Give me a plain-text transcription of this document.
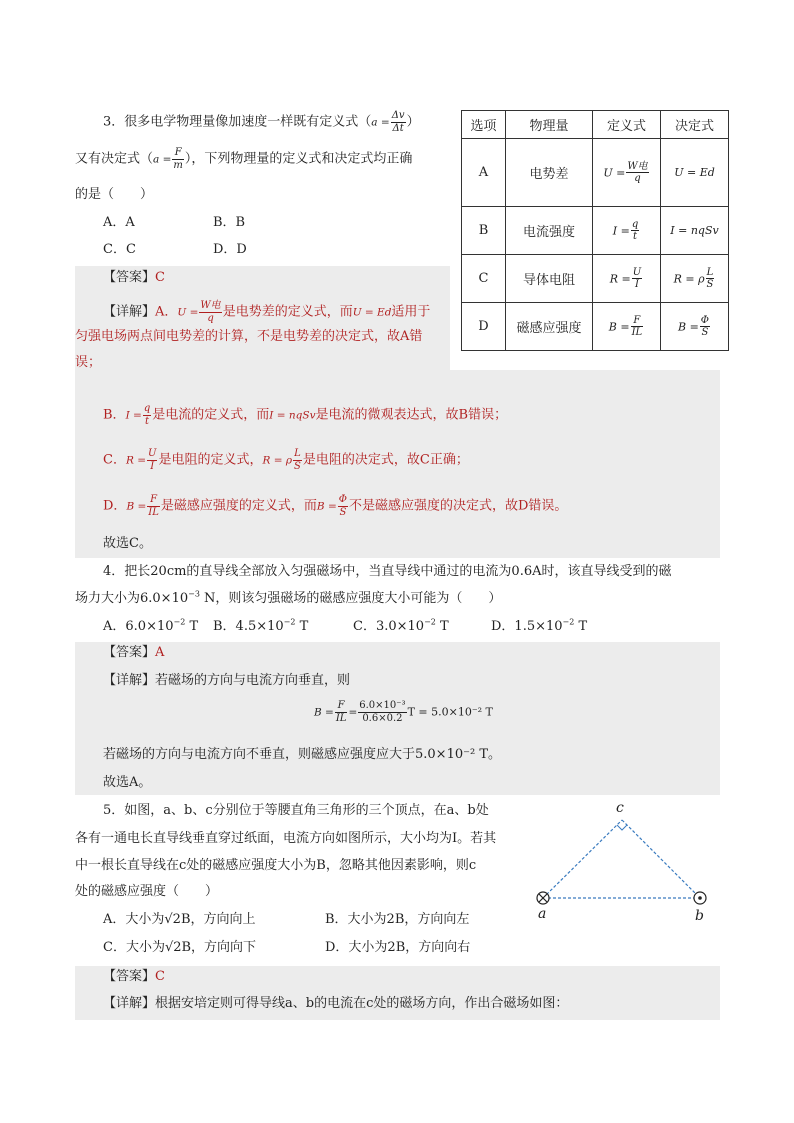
3．很多电学物理量像加速度一样既有定义式（$a = \frac{\Delta v}{\Delta t}$ ）
又有决定式（$a = \frac{F}{m}$ ），下列物理量的定义式和决定式均正确
的是（　　）
A．A	B．B
C．C	D．D
【答案】C
【详解】A．$U = \frac{\text{W电}}{q}$ 是电势差的定义式，而U = Ed适用于
匀强电场两点间电势差的计算，不是电势差的决定式，故A错
误；
B．$I = \frac{q}{t}$ 是电流的定义式，而I = nqSv是电流的微观表达式，故B错误；
C．$R = \frac{U}{I}$ 是电阻的定义式，R = ρ $\frac{L}{S}$ 是电阻的决定式，故C正确；
D．$B = \frac{F}{IL}$ 是磁感应强度的定义式，而$B = \frac{\Phi}{S}$ 不是磁感应强度的决定式，故D错误。
故选C。
选项	物理量	定义式	决定式
A	电势差	$U = \frac{\text{W电}}{q}$	U = Ed
B	电流强度	$I = \frac{q}{t}$	I = nqSv
C	导体电阻	$R = \frac{U}{I}$	R = ρ $\frac{L}{S}$

D	磁感应强度	$B = \frac{F}{IL}$	$B = \frac{\Phi}{S}$
4．把长20cm的直导线全部放入匀强磁场中，当直导线中通过的电流为0.6A时，该直导线受到的磁
场力大小为$6.0\times 10^{-3}$ N，则该匀强磁场的磁感应强度大小可能为（　　）
A．$6.0\times 10^{-2}$ T B．$4.5\times 10^{-2}$ T	C．$3.0\times 10^{-2}$ T	D．$1.5\times 10^{-2}$ T
【答案】A
【详解】若磁场的方向与电流方向垂直，则
$B = \frac{F}{IL} = \frac{\text{6.0×10⁻³}}{0.6\times 0.2}$ T = 5.0×10⁻² T
若磁场的方向与电流方向不垂直，则磁感应强度应大于5.0×10⁻² T。
故选A。
5．如图，a、b、c分别位于等腰直角三角形的三个顶点，在a、b处
各有一通电长直导线垂直穿过纸面，电流方向如图所示，大小均为I。若其
中一根长直导线在c处的磁感应强度大小为B，忽略其他因素影响，则c
处的磁感应强度（　　）
A．大小为√2B，方向向上	B．大小为2B，方向向左
C．大小为√2B，方向向下	D．大小为2B，方向向右
【答案】C
【详解】根据安培定则可得导线a、b的电流在c处的磁场方向，作出合磁场如图：
a	b
c
